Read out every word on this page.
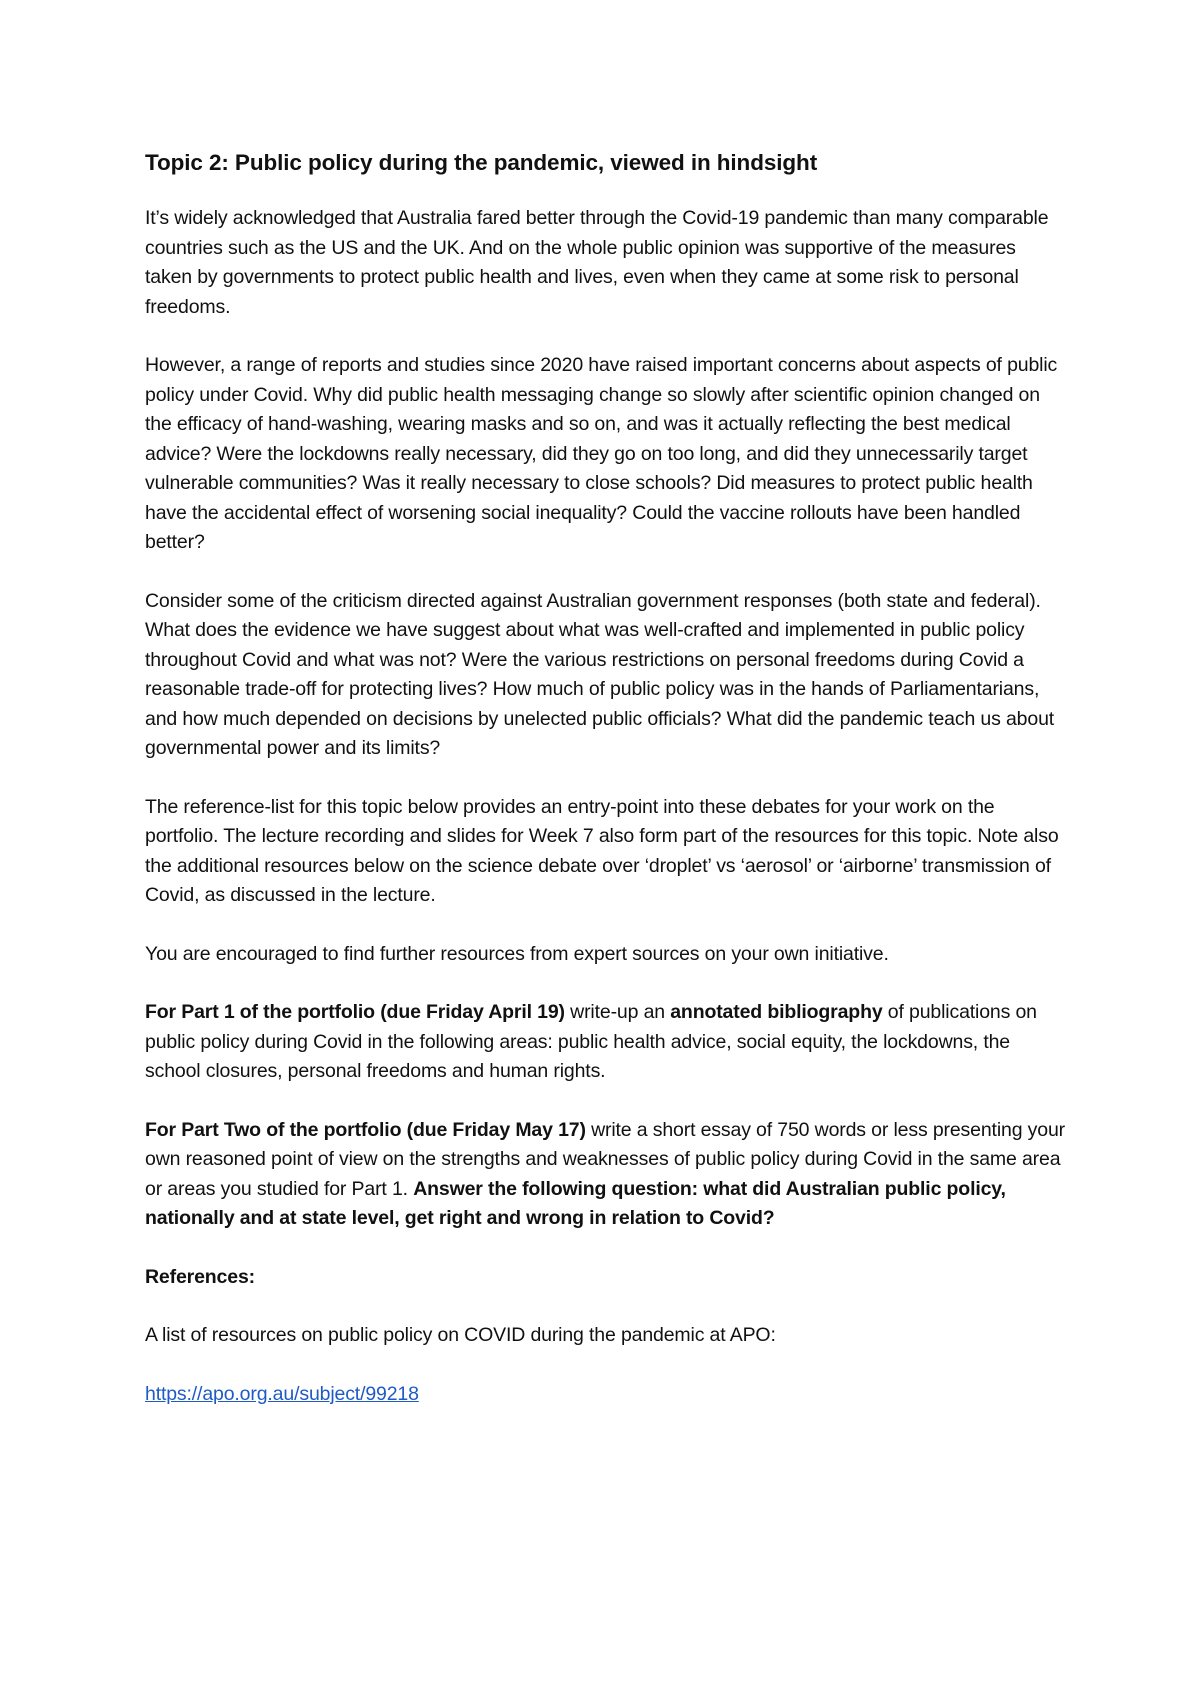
Topic 2: Public policy during the pandemic, viewed in hindsight

It’s widely acknowledged that Australia fared better through the Covid-19 pandemic than many comparable countries such as the US and the UK. And on the whole public opinion was supportive of the measures taken by governments to protect public health and lives, even when they came at some risk to personal freedoms.

However, a range of reports and studies since 2020 have raised important concerns about aspects of public policy under Covid. Why did public health messaging change so slowly after scientific opinion changed on the efficacy of hand-washing, wearing masks and so on, and was it actually reflecting the best medical advice? Were the lockdowns really necessary, did they go on too long, and did they unnecessarily target vulnerable communities? Was it really necessary to close schools? Did measures to protect public health have the accidental effect of worsening social inequality? Could the vaccine rollouts have been handled better?

Consider some of the criticism directed against Australian government responses (both state and federal). What does the evidence we have suggest about what was well-crafted and implemented in public policy throughout Covid and what was not? Were the various restrictions on personal freedoms during Covid a reasonable trade-off for protecting lives? How much of public policy was in the hands of Parliamentarians, and how much depended on decisions by unelected public officials? What did the pandemic teach us about governmental power and its limits?

The reference-list for this topic below provides an entry-point into these debates for your work on the portfolio. The lecture recording and slides for Week 7 also form part of the resources for this topic. Note also the additional resources below on the science debate over ‘droplet’ vs ‘aerosol’ or ‘airborne’ transmission of Covid, as discussed in the lecture.

You are encouraged to find further resources from expert sources on your own initiative.

For Part 1 of the portfolio (due Friday April 19) write-up an annotated bibliography of publications on public policy during Covid in the following areas: public health advice, social equity, the lockdowns, the school closures, personal freedoms and human rights.

For Part Two of the portfolio (due Friday May 17) write a short essay of 750 words or less presenting your own reasoned point of view on the strengths and weaknesses of public policy during Covid in the same area or areas you studied for Part 1. Answer the following question: what did Australian public policy, nationally and at state level, get right and wrong in relation to Covid?

References:

A list of resources on public policy on COVID during the pandemic at APO:

https://apo.org.au/subject/99218
